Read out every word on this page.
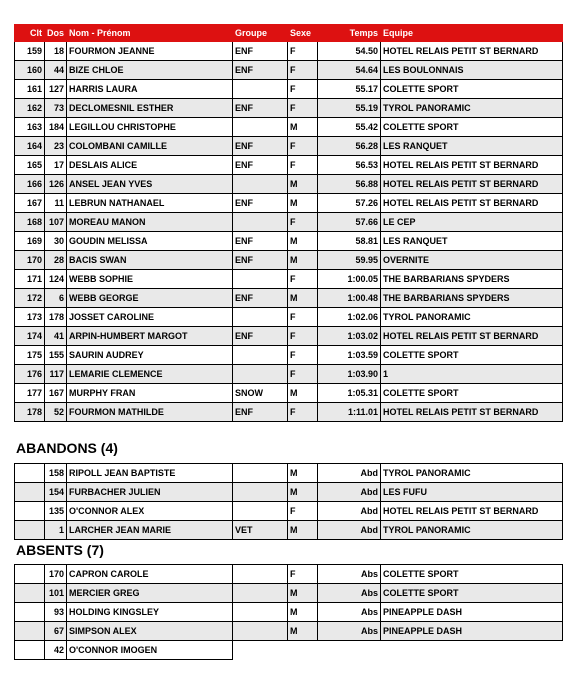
Clt	Dos	Nom - Prénom	Groupe	Sexe	Temps	Equipe
159	18	FOURMON JEANNE	ENF	F	54.50	HOTEL RELAIS PETIT ST BERNARD
160	44	BIZE CHLOE	ENF	F	54.64	LES BOULONNAIS
161	127	HARRIS LAURA		F	55.17	COLETTE SPORT
162	73	DECLOMESNIL ESTHER	ENF	F	55.19	TYROL PANORAMIC
163	184	LEGILLOU CHRISTOPHE		M	55.42	COLETTE SPORT
164	23	COLOMBANI CAMILLE	ENF	F	56.28	LES RANQUET
165	17	DESLAIS ALICE	ENF	F	56.53	HOTEL RELAIS PETIT ST BERNARD
166	126	ANSEL JEAN YVES		M	56.88	HOTEL RELAIS PETIT ST BERNARD
167	11	LEBRUN NATHANAEL	ENF	M	57.26	HOTEL RELAIS PETIT ST BERNARD
168	107	MOREAU MANON		F	57.66	LE CEP
169	30	GOUDIN MELISSA	ENF	M	58.81	LES RANQUET
170	28	BACIS SWAN	ENF	M	59.95	OVERNITE
171	124	WEBB SOPHIE		F	1:00.05	THE BARBARIANS SPYDERS
172	6	WEBB GEORGE	ENF	M	1:00.48	THE BARBARIANS SPYDERS
173	178	JOSSET CAROLINE		F	1:02.06	TYROL PANORAMIC
174	41	ARPIN-HUMBERT MARGOT	ENF	F	1:03.02	HOTEL RELAIS PETIT ST BERNARD
175	155	SAURIN AUDREY		F	1:03.59	COLETTE SPORT
176	117	LEMARIE CLEMENCE		F	1:03.90	1
177	167	MURPHY FRAN	SNOW	M	1:05.31	COLETTE SPORT
178	52	FOURMON MATHILDE	ENF	F	1:11.01	HOTEL RELAIS PETIT ST BERNARD
ABANDONS (4)
	158	RIPOLL JEAN BAPTISTE		M	Abd	TYROL PANORAMIC
	154	FURBACHER JULIEN		M	Abd	LES FUFU
	135	O'CONNOR ALEX		F	Abd	HOTEL RELAIS PETIT ST BERNARD
	1	LARCHER JEAN MARIE	VET	M	Abd	TYROL PANORAMIC
ABSENTS (7)
	170	CAPRON CAROLE		F	Abs	COLETTE SPORT
	101	MERCIER GREG		M	Abs	COLETTE SPORT
	93	HOLDING KINGSLEY		M	Abs	PINEAPPLE DASH
	67	SIMPSON ALEX		M	Abs	PINEAPPLE DASH
	42	O'CONNOR IMOGEN				
